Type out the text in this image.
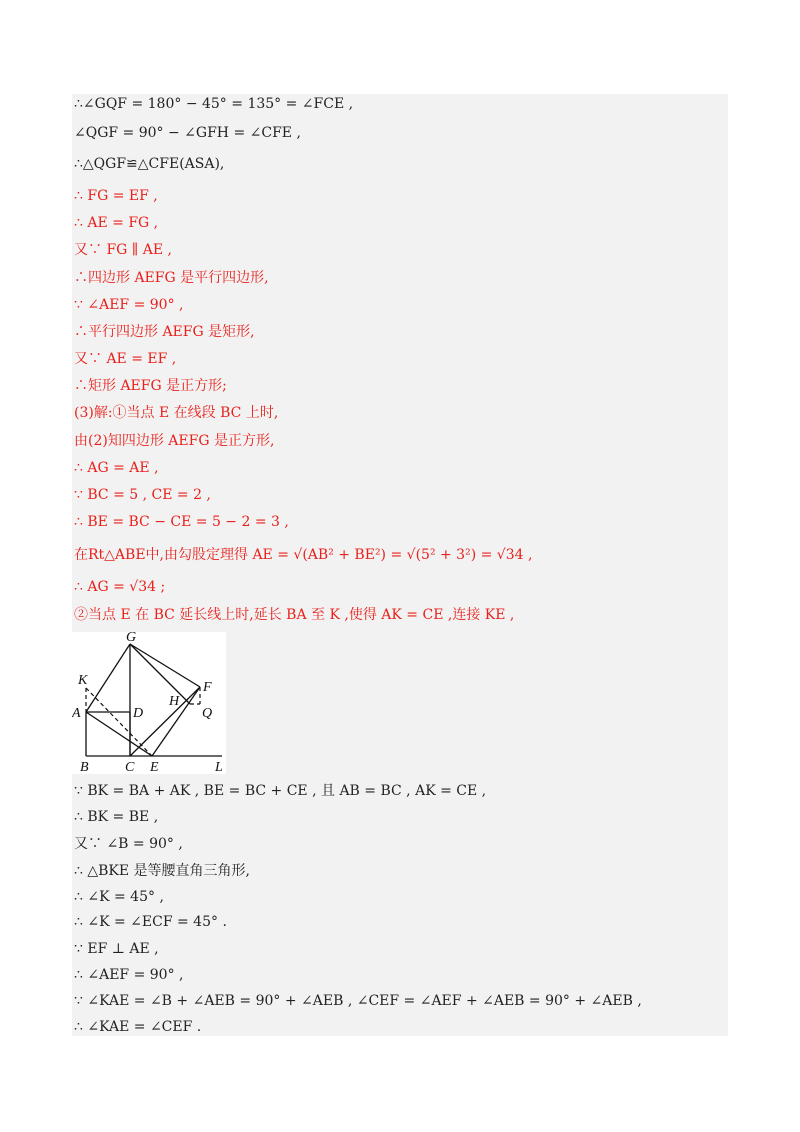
∴∠GQF = 180° − 45° = 135° = ∠FCE ,
∠QGF = 90° − ∠GFH = ∠CFE ,
∴△QGF≌△CFE(ASA),
∴ FG = EF ,
∴ AE = FG ,
又∵ FG ∥ AE ,
∴四边形 AEFG 是平行四边形,
∵ ∠AEF = 90° ,
∴平行四边形 AEFG 是矩形,
又∵ AE = EF ,
∴矩形 AEFG 是正方形;
(3)解:①当点 E 在线段 BC 上时,
由(2)知四边形 AEFG 是正方形,
∴ AG = AE ,
∵ BC = 5 , CE = 2 ,
∴ BE = BC − CE = 5 − 2 = 3 ,
在Rt△ABE中,由勾股定理得 AE = √(AB² + BE²) = √(5² + 3²) = √34 ,
∴ AG = √34 ;
②当点 E 在 BC 延长线上时,延长 BA 至 K ,使得 AK = CE ,连接 KE ,
G
K	F
H
A	D	Q
B	C E	L
∵ BK = BA + AK , BE = BC + CE , 且 AB = BC , AK = CE ,
∴ BK = BE ,
又∵ ∠B = 90° ,
∴ △BKE 是等腰直角三角形,
∴ ∠K = 45° ,
∴ ∠K = ∠ECF = 45° .
∵ EF ⊥ AE ,
∴ ∠AEF = 90° ,
∵ ∠KAE = ∠B + ∠AEB = 90° + ∠AEB , ∠CEF = ∠AEF + ∠AEB = 90° + ∠AEB ,
∴ ∠KAE = ∠CEF .
